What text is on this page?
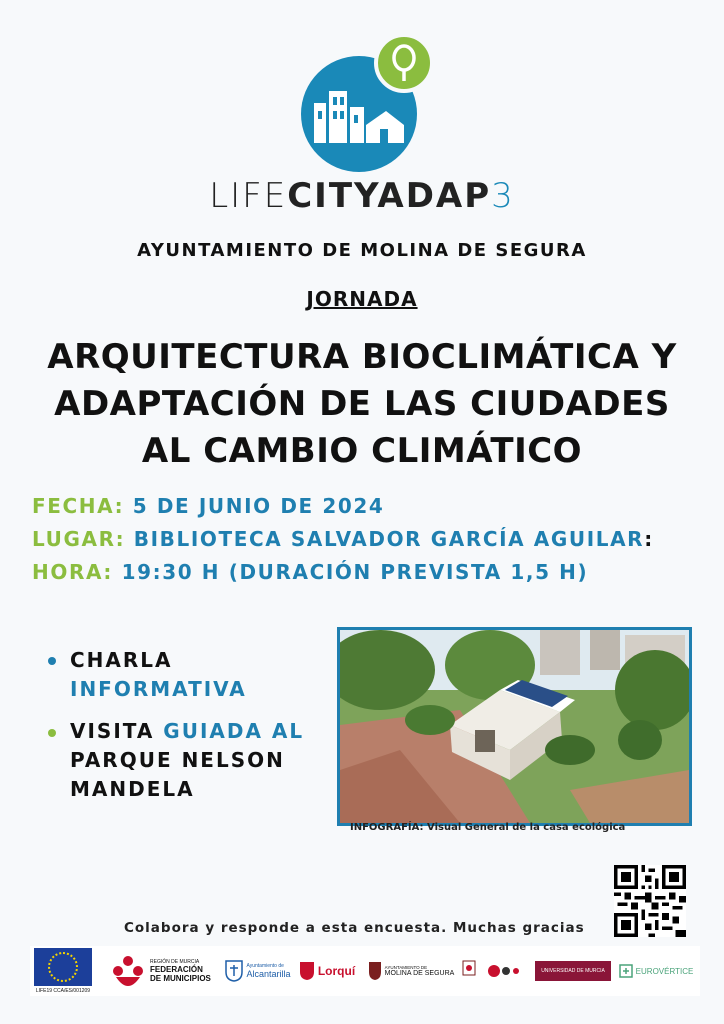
LIFECITYADAP3
AYUNTAMIENTO DE MOLINA DE SEGURA
JORNADA
ARQUITECTURA BIOCLIMÁTICA Y
ADAPTACIÓN DE LAS CIUDADES
AL CAMBIO CLIMÁTICO
FECHA: 5 DE JUNIO DE 2024
LUGAR: BIBLIOTECA SALVADOR GARCÍA AGUILAR:
HORA: 19:30 H (DURACIÓN PREVISTA 1,5 H)
CHARLA
INFORMATIVA
VISITA GUIADA AL
PARQUE NELSON
MANDELA
INFOGRAFÍA: Visual General de la casa ecológica
Colabora y responde a esta encuesta. Muchas gracias
LIFE19 CCA/ES/001209
REGIÓN DE MURCIA
FEDERACIÓN
DE MUNICIPIOS
Ayuntamiento de
Alcantarilla Lorquí	AYUNTAMIENTO DE
MOLINA DE SEGURA	UNIVERSIDAD DE MURCIA	EUROVÉRTICE
